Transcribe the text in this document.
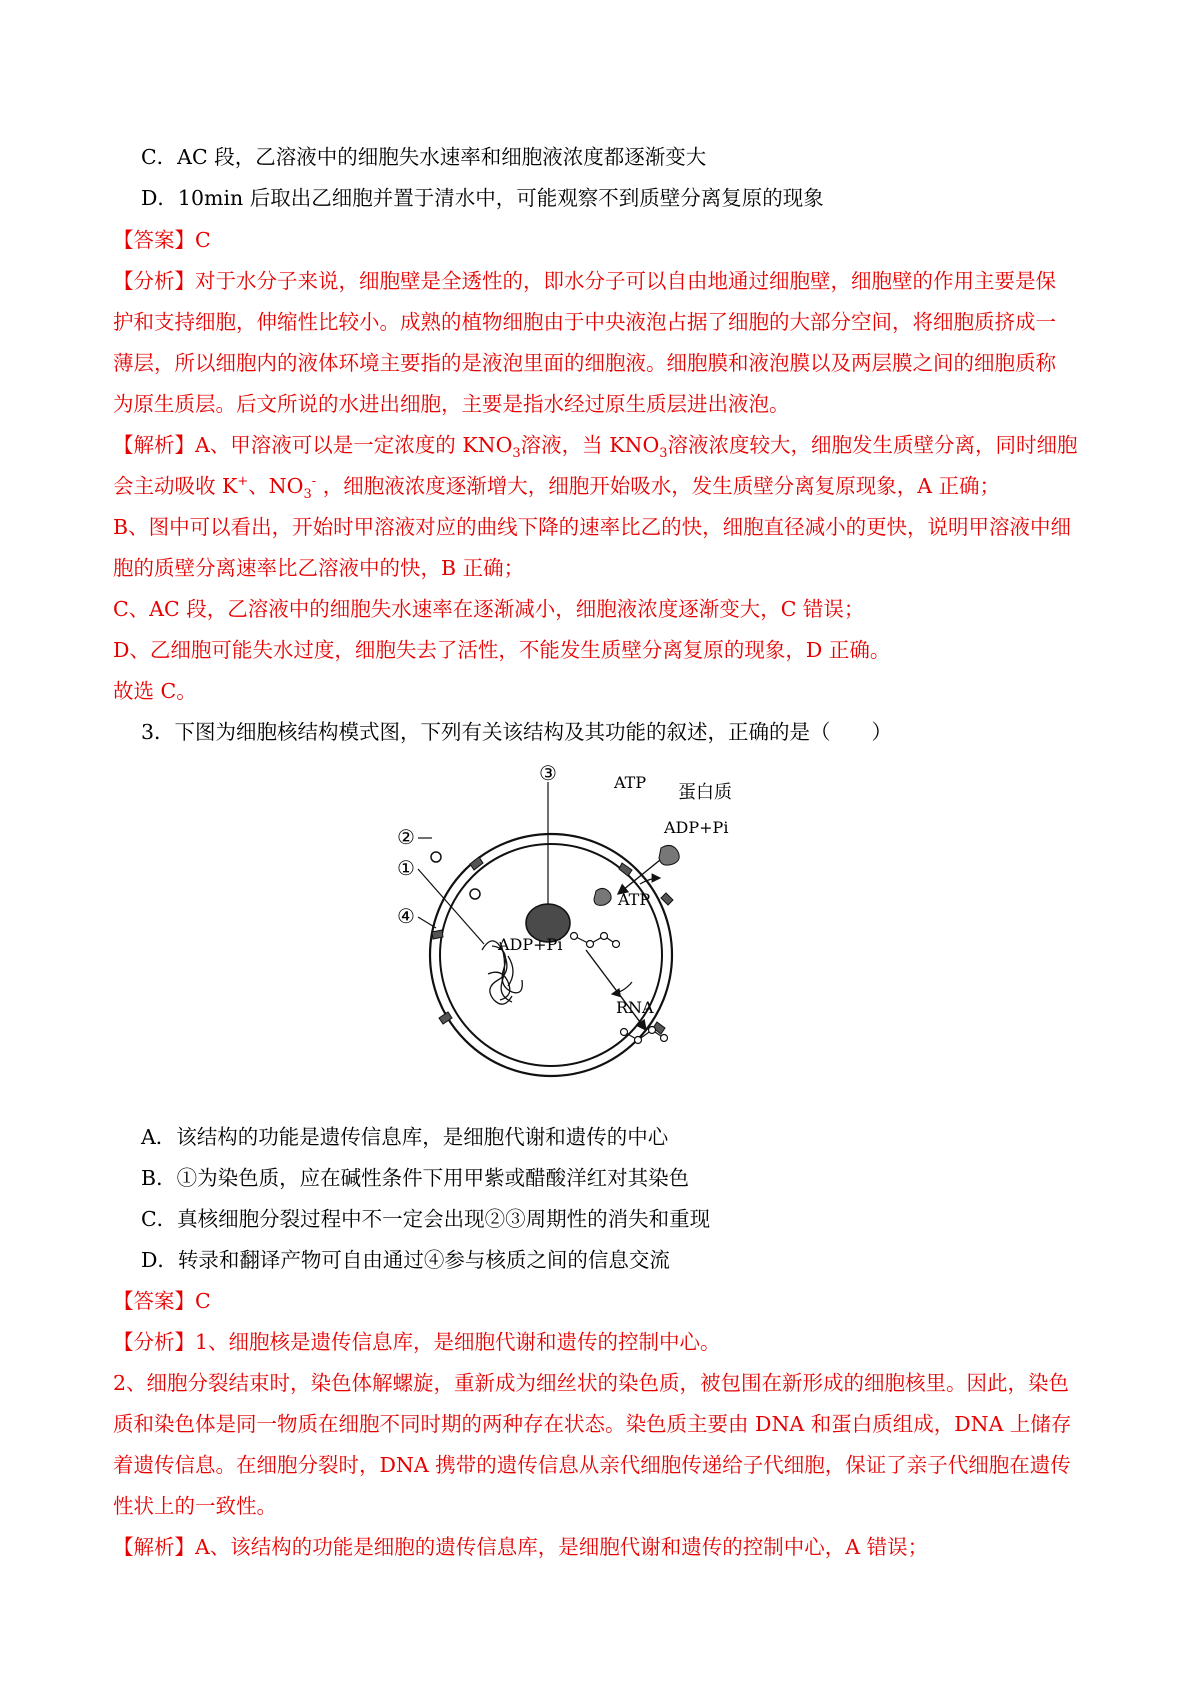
C．AC 段，乙溶液中的细胞失水速率和细胞液浓度都逐渐变大
D．10min 后取出乙细胞并置于清水中，可能观察不到质壁分离复原的现象
【答案】C
【分析】对于水分子来说，细胞壁是全透性的，即水分子可以自由地通过细胞壁，细胞壁的作用主要是保
护和支持细胞，伸缩性比较小。成熟的植物细胞由于中央液泡占据了细胞的大部分空间，将细胞质挤成一
薄层，所以细胞内的液体环境主要指的是液泡里面的细胞液。细胞膜和液泡膜以及两层膜之间的细胞质称
为原生质层。后文所说的水进出细胞，主要是指水经过原生质层进出液泡。
【解析】A、甲溶液可以是一定浓度的 $KNO_3$溶液，当 $KNO_3$溶液浓度较大，细胞发生质壁分离，同时细胞
会主动吸收 K+、$NO_3^-$ ，细胞液浓度逐渐增大，细胞开始吸水，发生质壁分离复原现象，A 正确；
B、图中可以看出，开始时甲溶液对应的曲线下降的速率比乙的快，细胞直径减小的更快，说明甲溶液中细
胞的质壁分离速率比乙溶液中的快，B 正确；
C、AC 段，乙溶液中的细胞失水速率在逐渐减小，细胞液浓度逐渐变大，C 错误；
D、乙细胞可能失水过度，细胞失去了活性，不能发生质壁分离复原的现象，D 正确。
故选 C。
3．下图为细胞核结构模式图，下列有关该结构及其功能的叙述，正确的是（　　）
③
②
①
④
ATP 蛋白质
ADP+Pi
ATP
ADP+Pi
RNA
A．该结构的功能是遗传信息库，是细胞代谢和遗传的中心
B．①为染色质，应在碱性条件下用甲紫或醋酸洋红对其染色
C．真核细胞分裂过程中不一定会出现②③周期性的消失和重现
D．转录和翻译产物可自由通过④参与核质之间的信息交流
【答案】C
【分析】1、细胞核是遗传信息库，是细胞代谢和遗传的控制中心。
2、细胞分裂结束时，染色体解螺旋，重新成为细丝状的染色质，被包围在新形成的细胞核里。因此，染色
质和染色体是同一物质在细胞不同时期的两种存在状态。染色质主要由 DNA 和蛋白质组成，DNA 上储存
着遗传信息。在细胞分裂时，DNA 携带的遗传信息从亲代细胞传递给子代细胞，保证了亲子代细胞在遗传
性状上的一致性。
【解析】A、该结构的功能是细胞的遗传信息库，是细胞代谢和遗传的控制中心，A 错误；
